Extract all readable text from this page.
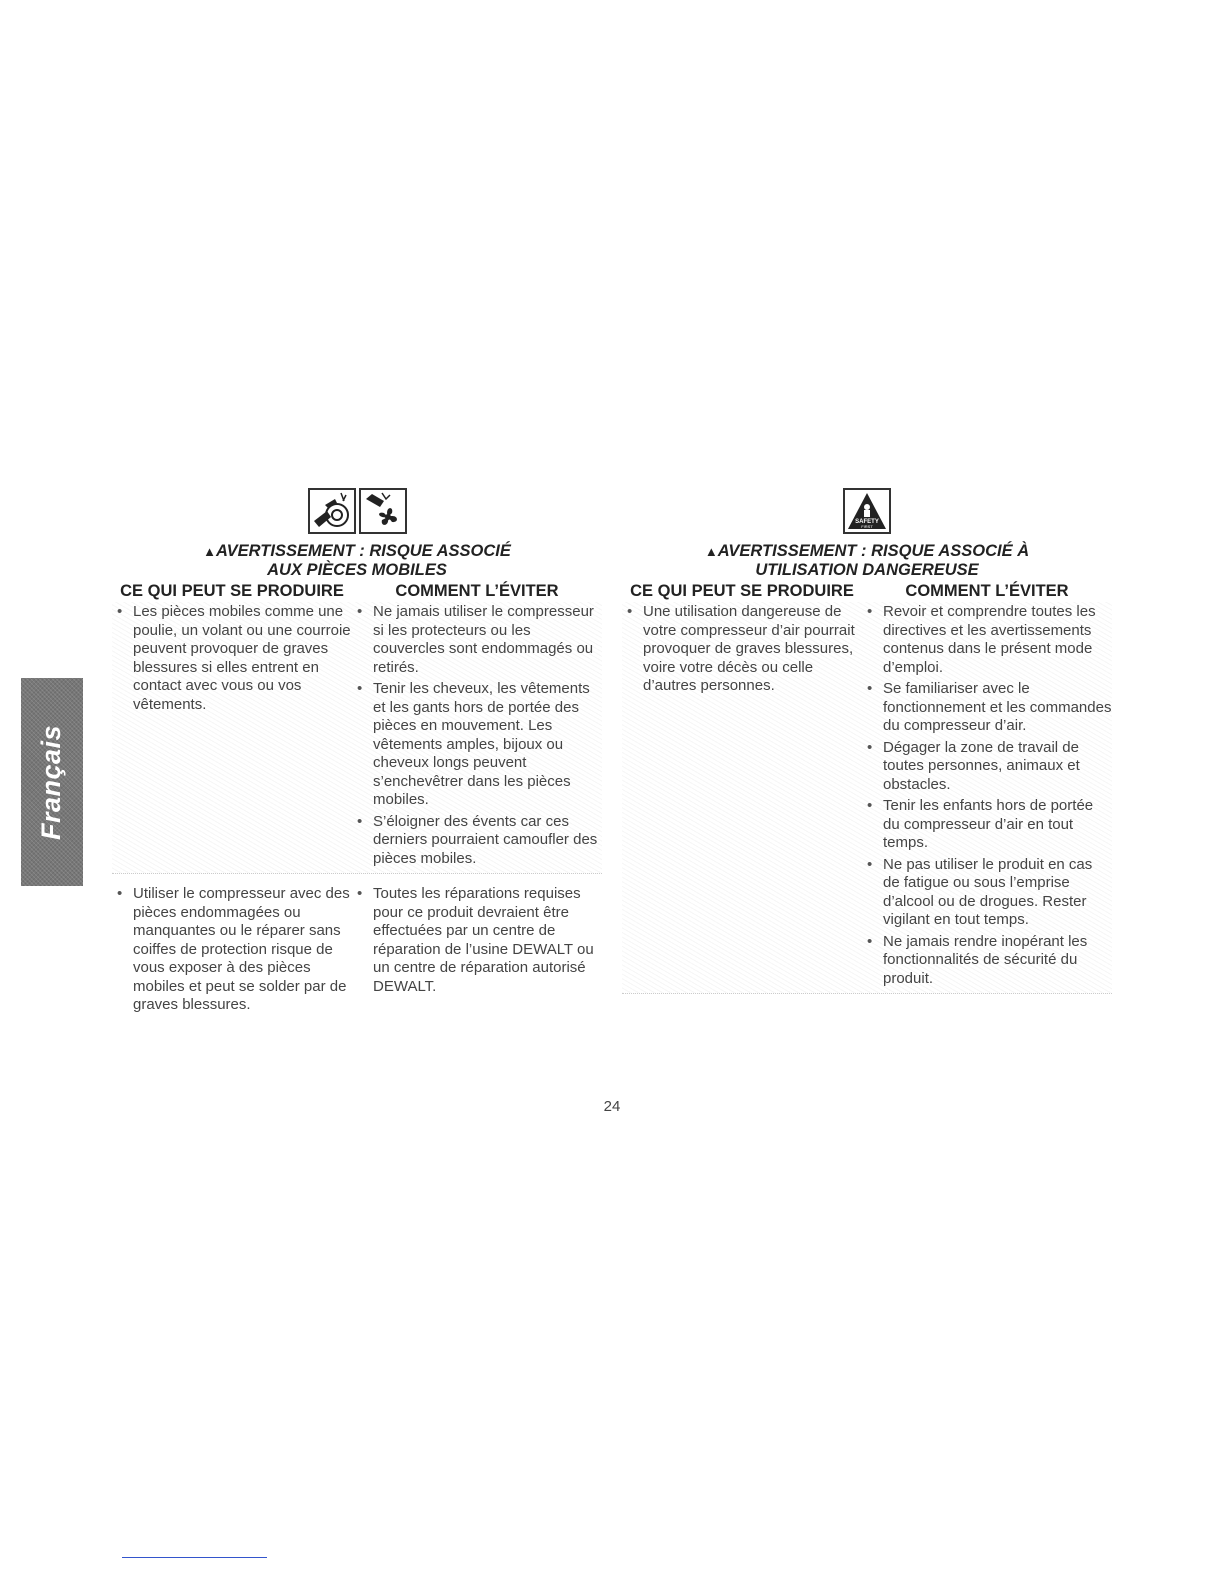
Français
▲AVERTISSEMENT : RISQUE ASSOCIÉ
AUX PIÈCES MOBILES
CE QUI PEUT SE PRODUIRE	COMMENT L’ÉVITER
• Les pièces mobiles comme une poulie, un volant ou une courroie peuvent provoquer de graves blessures si elles entrent en contact avec vous ou vos vêtements.
• Ne jamais utiliser le compresseur si les protecteurs ou les couvercles sont endommagés ou retirés.
• Tenir les cheveux, les vêtements et les gants hors de portée des pièces en mouvement. Les vêtements amples, bijoux ou cheveux longs peuvent s’enchevêtrer dans les pièces mobiles.
• S’éloigner des évents car ces derniers pourraient camoufler des pièces mobiles.
• Utiliser le compresseur avec des pièces endommagées ou manquantes ou le réparer sans coiffes de protection risque de vous exposer à des pièces mobiles et peut se solder par de graves blessures.
• Toutes les réparations requises pour ce produit devraient être effectuées par un centre de réparation de l’usine DEWALT ou un centre de réparation autorisé DEWALT.
SAFETY
FIRST
▲AVERTISSEMENT : RISQUE ASSOCIÉ À
UTILISATION DANGEREUSE
CE QUI PEUT SE PRODUIRE	COMMENT L’ÉVITER
• Une utilisation dangereuse de votre compresseur d’air pourrait provoquer de graves blessures, voire votre décès ou celle d’autres personnes.
• Revoir et comprendre toutes les directives et les avertissements contenus dans le présent mode d’emploi.
• Se familiariser avec le fonctionnement et les commandes du compresseur d’air.
• Dégager la zone de travail de toutes personnes, animaux et obstacles.
• Tenir les enfants hors de portée du compresseur d’air en tout temps.
• Ne pas utiliser le produit en cas de fatigue ou sous l’emprise d’alcool ou de drogues. Rester vigilant en tout temps.
• Ne jamais rendre inopérant les fonctionnalités de sécurité du produit.
24
